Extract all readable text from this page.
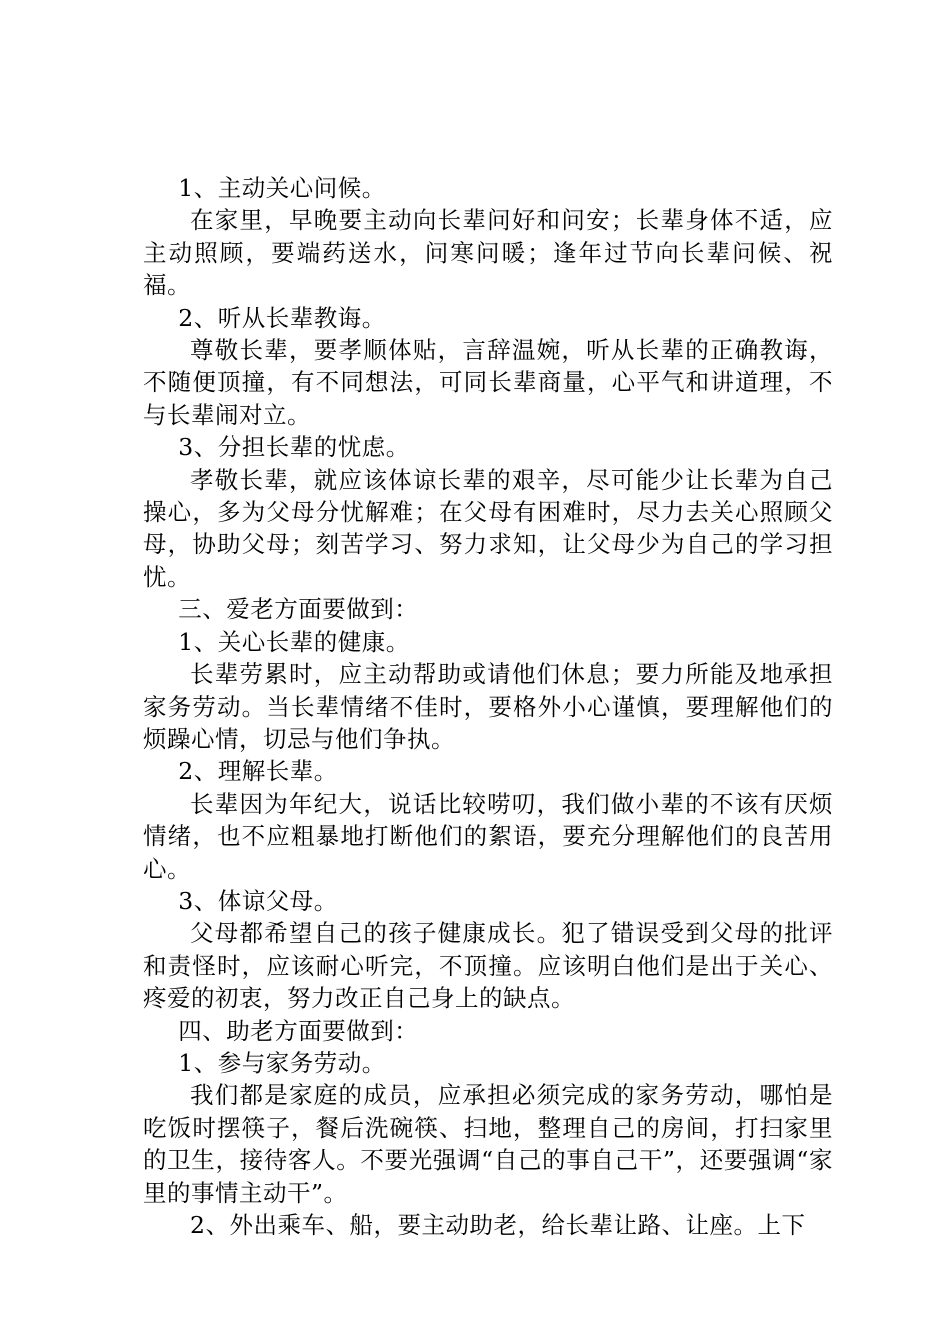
1、主动关心问候。

在家里，早晚要主动向长辈问好和问安；长辈身体不适，应主动照顾，要端药送水，问寒问暖；逢年过节向长辈问候、祝福。

2、听从长辈教诲。

尊敬长辈，要孝顺体贴，言辞温婉，听从长辈的正确教诲，不随便顶撞，有不同想法，可同长辈商量，心平气和讲道理，不与长辈闹对立。

3、分担长辈的忧虑。

孝敬长辈，就应该体谅长辈的艰辛，尽可能少让长辈为自己操心，多为父母分忧解难；在父母有困难时，尽力去关心照顾父母，协助父母；刻苦学习、努力求知，让父母少为自己的学习担忧。

三、爱老方面要做到：

1、关心长辈的健康。

长辈劳累时，应主动帮助或请他们休息；要力所能及地承担家务劳动。当长辈情绪不佳时，要格外小心谨慎，要理解他们的烦躁心情，切忌与他们争执。

2、理解长辈。

长辈因为年纪大，说话比较唠叨，我们做小辈的不该有厌烦情绪，也不应粗暴地打断他们的絮语，要充分理解他们的良苦用心。

3、体谅父母。

父母都希望自己的孩子健康成长。犯了错误受到父母的批评和责怪时，应该耐心听完，不顶撞。应该明白他们是出于关心、疼爱的初衷，努力改正自己身上的缺点。

四、助老方面要做到：

1、参与家务劳动。

我们都是家庭的成员，应承担必须完成的家务劳动，哪怕是吃饭时摆筷子，餐后洗碗筷、扫地，整理自己的房间，打扫家里的卫生，接待客人。不要光强调“自己的事自己干”，还要强调“家里的事情主动干”。

2、外出乘车、船，要主动助老，给长辈让路、让座。上下
